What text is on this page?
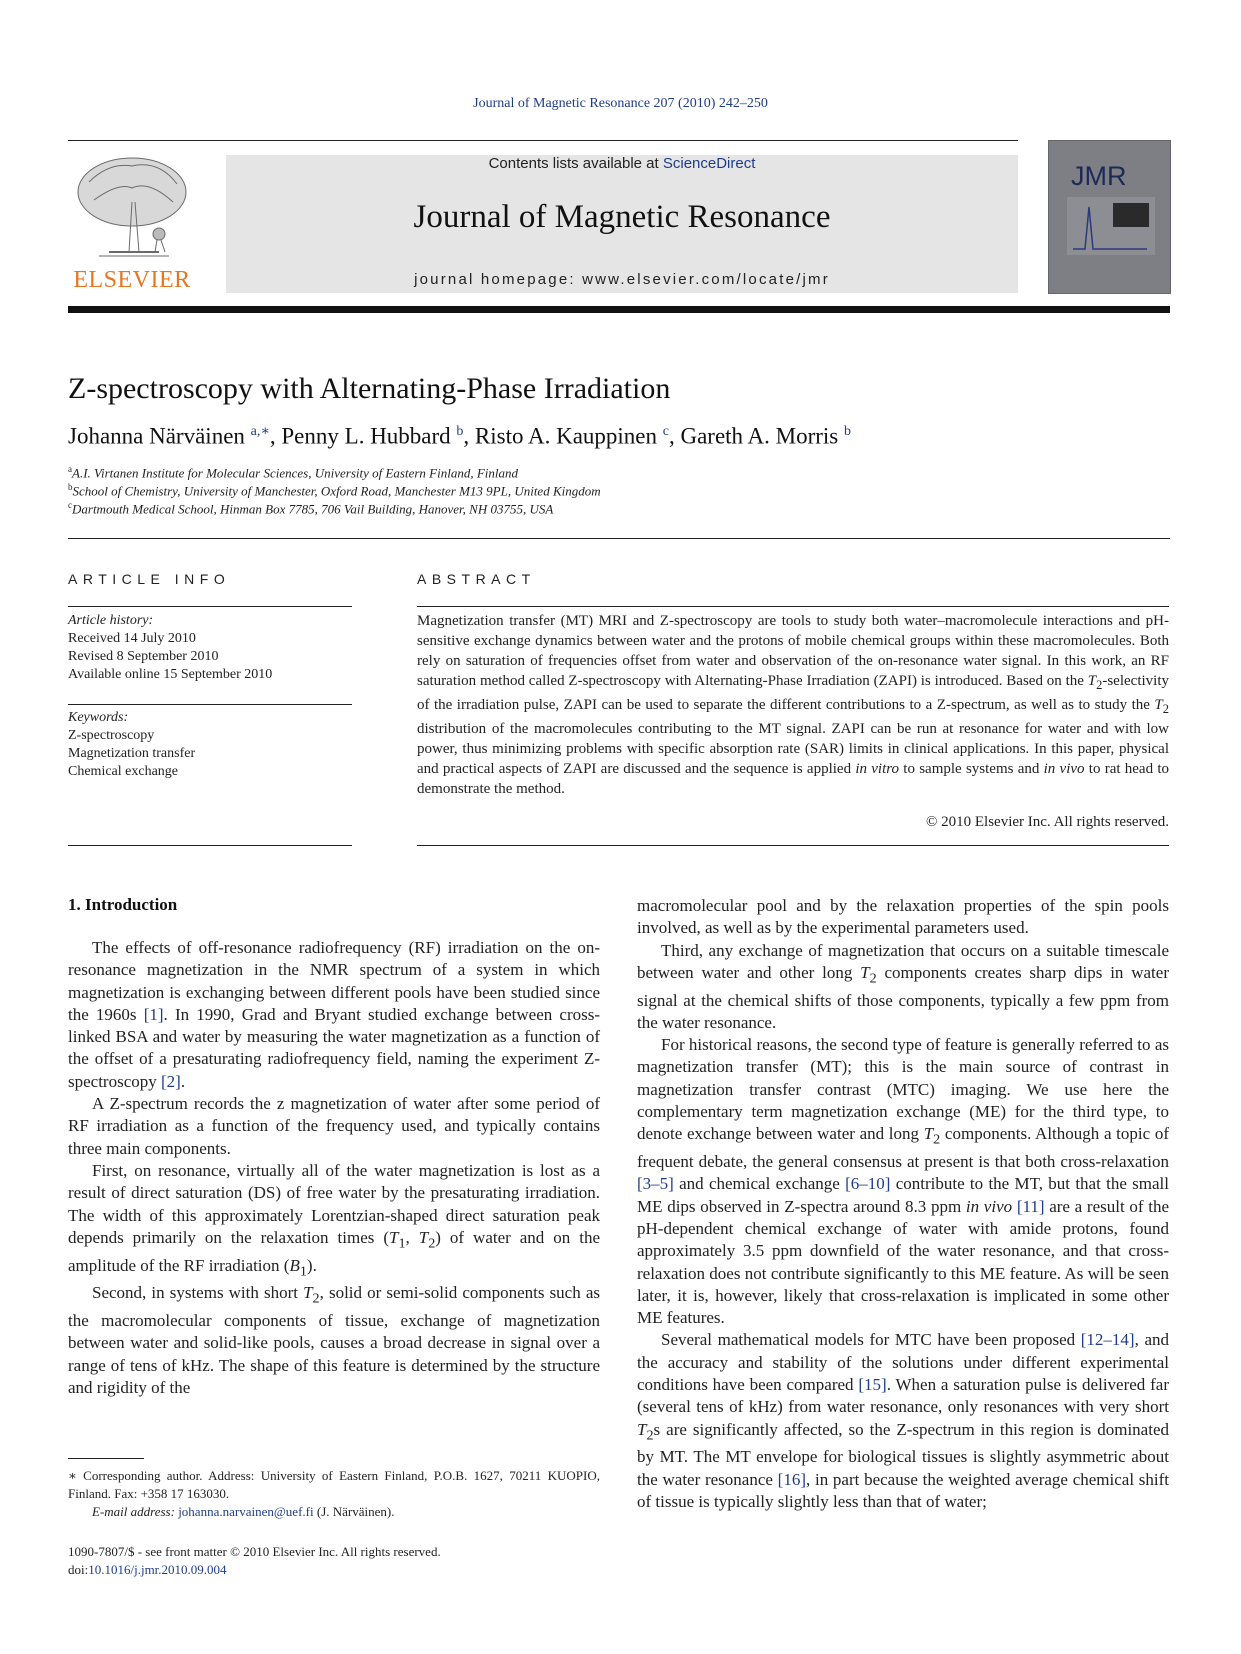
Journal of Magnetic Resonance 207 (2010) 242–250
ELSEVIER
Contents lists available at ScienceDirect
Journal of Magnetic Resonance
journal homepage: www.elsevier.com/locate/jmr
JMR
Z-spectroscopy with Alternating-Phase Irradiation
Johanna Närväinen $^{a,∗}$, Penny L. Hubbard $^b$, Risto A. Kauppinen $^c$, Gareth A. Morris $^b$
$^a$A.I. Virtanen Institute for Molecular Sciences, University of Eastern Finland, Finland
$^b$School of Chemistry, University of Manchester, Oxford Road, Manchester M13 9PL, United Kingdom
$^c$Dartmouth Medical School, Hinman Box 7785, 706 Vail Building, Hanover, NH 03755, USA
ARTICLE INFO
Article history:
Received 14 July 2010
Revised 8 September 2010
Available online 15 September 2010
Keywords:
Z-spectroscopy
Magnetization transfer
Chemical exchange
ABSTRACT
Magnetization transfer (MT) MRI and Z-spectroscopy are tools to study both water–macromolecule interactions and pH-sensitive exchange dynamics between water and the protons of mobile chemical groups within these macromolecules. Both rely on saturation of frequencies offset from water and observation of the on-resonance water signal. In this work, an RF saturation method called Z-spectroscopy with Alternating-Phase Irradiation (ZAPI) is introduced. Based on the $T_2$-selectivity of the irradiation pulse, ZAPI can be used to separate the different contributions to a Z-spectrum, as well as to study the $T_2$ distribution of the macromolecules contributing to the MT signal. ZAPI can be run at resonance for water and with low power, thus minimizing problems with specific absorption rate (SAR) limits in clinical applications. In this paper, physical and practical aspects of ZAPI are discussed and the sequence is applied in vitro to sample systems and in vivo to rat head to demonstrate the method.
© 2010 Elsevier Inc. All rights reserved.
1. Introduction

The effects of off-resonance radiofrequency (RF) irradiation on the on-resonance magnetization in the NMR spectrum of a system in which magnetization is exchanging between different pools have been studied since the 1960s [1]. In 1990, Grad and Bryant studied exchange between cross-linked BSA and water by measuring the water magnetization as a function of the offset of a presaturating radiofrequency field, naming the experiment Z-spectroscopy [2].

A Z-spectrum records the z magnetization of water after some period of RF irradiation as a function of the frequency used, and typically contains three main components.

First, on resonance, virtually all of the water magnetization is lost as a result of direct saturation (DS) of free water by the presaturating irradiation. The width of this approximately Lorentzian-shaped direct saturation peak depends primarily on the relaxation times ($T_1$, $T_2$) of water and on the amplitude of the RF irradiation $(B_1)$.

Second, in systems with short $T_2$, solid or semi-solid components such as the macromolecular components of tissue, exchange of magnetization between water and solid-like pools, causes a broad decrease in signal over a range of tens of kHz. The shape of this feature is determined by the structure and rigidity of the

macromolecular pool and by the relaxation properties of the spin pools involved, as well as by the experimental parameters used.

Third, any exchange of magnetization that occurs on a suitable timescale between water and other long $T_2$ components creates sharp dips in water signal at the chemical shifts of those components, typically a few ppm from the water resonance.

For historical reasons, the second type of feature is generally referred to as magnetization transfer (MT); this is the main source of contrast in magnetization transfer contrast (MTC) imaging. We use here the complementary term magnetization exchange (ME) for the third type, to denote exchange between water and long $T_2$ components. Although a topic of frequent debate, the general consensus at present is that both cross-relaxation [3–5] and chemical exchange [6–10] contribute to the MT, but that the small ME dips observed in Z-spectra around 8.3 ppm in vivo [11] are a result of the pH-dependent chemical exchange of water with amide protons, found approximately 3.5 ppm downfield of the water resonance, and that cross-relaxation does not contribute significantly to this ME feature. As will be seen later, it is, however, likely that cross-relaxation is implicated in some other ME features.

Several mathematical models for MTC have been proposed [12–14], and the accuracy and stability of the solutions under different experimental conditions have been compared [15]. When a saturation pulse is delivered far (several tens of kHz) from water resonance, only resonances with very short $T_2s$ are significantly affected, so the Z-spectrum in this region is dominated by MT. The MT envelope for biological tissues is slightly asymmetric about the water resonance [16], in part because the weighted average chemical shift of tissue is typically slightly less than that of water;

∗ Corresponding author. Address: University of Eastern Finland, P.O.B. 1627, 70211 KUOPIO, Finland. Fax: +358 17 163030.
E-mail address: johanna.narvainen@uef.fi (J. Närväinen).
1090-7807/$ - see front matter © 2010 Elsevier Inc. All rights reserved.
doi:10.1016/j.jmr.2010.09.004
